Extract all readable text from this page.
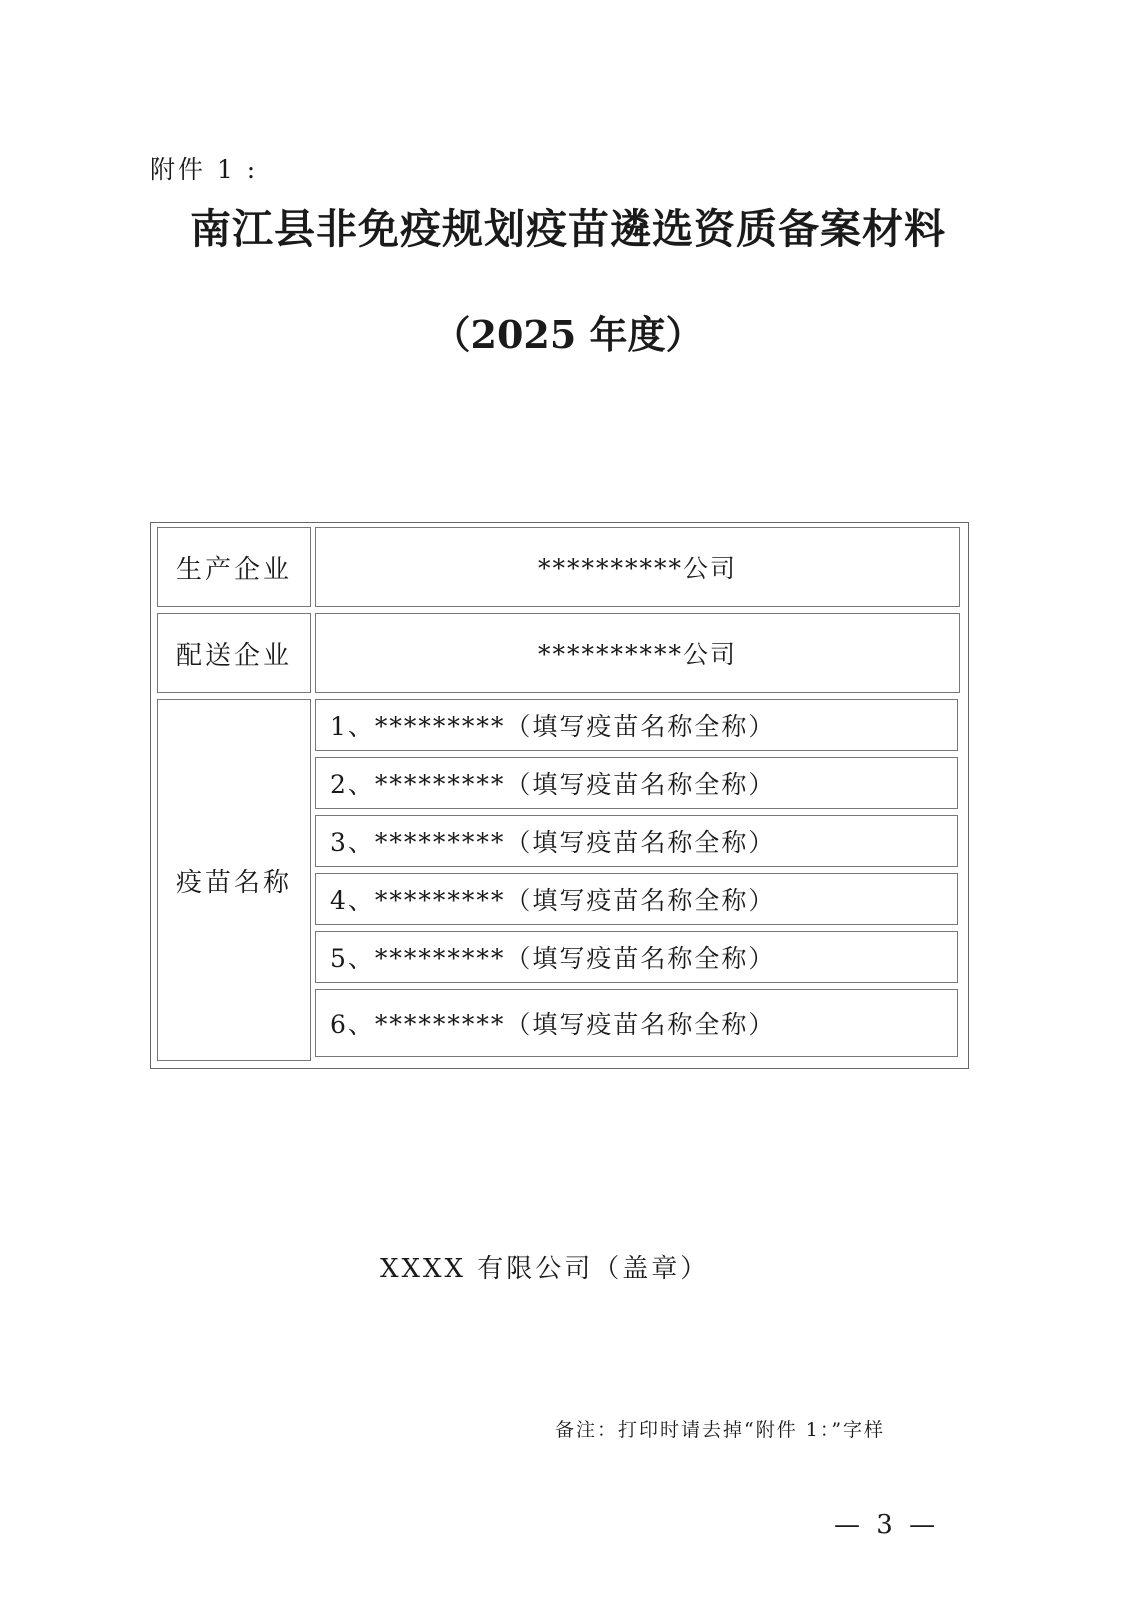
附件 1 :
南江县非免疫规划疫苗遴选资质备案材料
（2025 年度）
生产企业	**********公司
配送企业	**********公司
疫苗名称
1、*********（填写疫苗名称全称）
2、*********（填写疫苗名称全称）
3、*********（填写疫苗名称全称）
4、*********（填写疫苗名称全称）
5、*********（填写疫苗名称全称）
6、*********（填写疫苗名称全称）
XXXX 有限公司（盖章）
备注：打印时请去掉“附件 1：”字样
— 3 —
